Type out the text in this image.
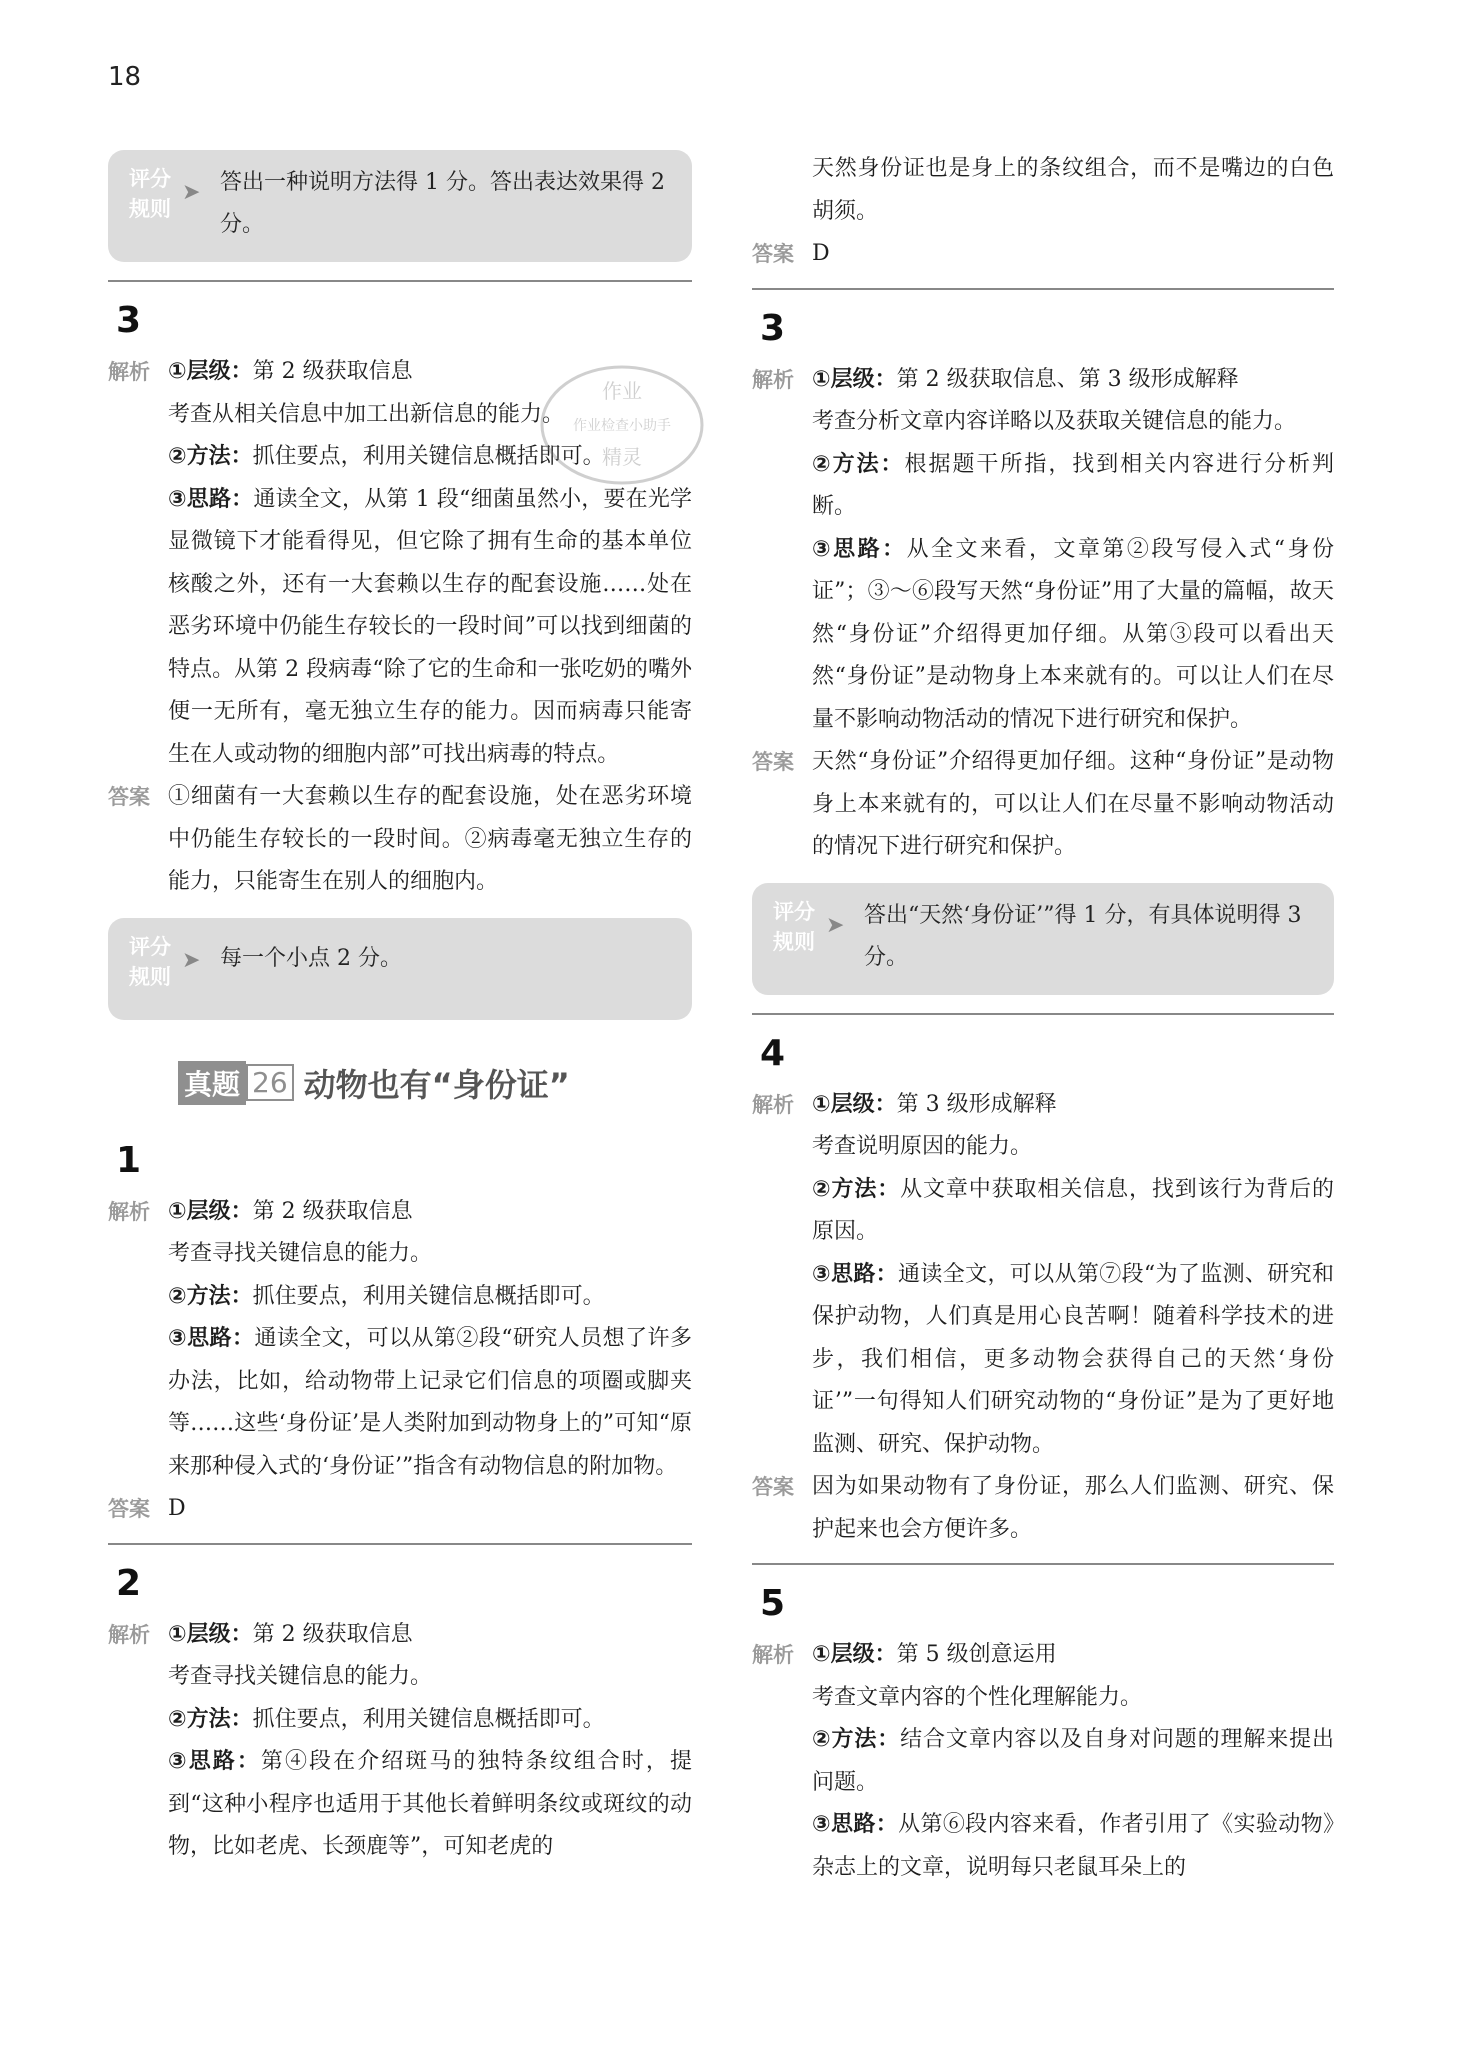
18
评分
规则
➤ 答出一种说明方法得 1 分。答出表达效果得 2分。
3
解析 ①层级：第 2 级获取信息

考查从相关信息中加工出新信息的能力。

②方法：抓住要点，利用关键信息概括即可。

③思路：通读全文，从第 1 段“细菌虽然小，要在光学显微镜下才能看得见，但它除了拥有生命的基本单位核酸之外，还有一大套赖以生存的配套设施……处在恶劣环境中仍能生存较长的一段时间”可以找到细菌的特点。从第 2 段病毒“除了它的生命和一张吃奶的嘴外便一无所有，毫无独立生存的能力。因而病毒只能寄生在人或动物的细胞内部”可找出病毒的特点。

答案 ①细菌有一大套赖以生存的配套设施，处在恶劣环境中仍能生存较长的一段时间。②病毒毫无独立生存的能力，只能寄生在别人的细胞内。
评分
规则
➤ 每一个小点 2 分。
真题 26 动物也有“身份证”
1
解析 ①层级：第 2 级获取信息

考查寻找关键信息的能力。

②方法：抓住要点，利用关键信息概括即可。

③思路：通读全文，可以从第②段“研究人员想了许多办法，比如，给动物带上记录它们信息的项圈或脚夹等……这些‘身份证’是人类附加到动物身上的”可知“原来那种侵入式的‘身份证’”指含有动物信息的附加物。

答案 D
2
解析 ①层级：第 2 级获取信息

考查寻找关键信息的能力。

②方法：抓住要点，利用关键信息概括即可。

③思路：第④段在介绍斑马的独特条纹组合时，提到“这种小程序也适用于其他长着鲜明条纹或斑纹的动物，比如老虎、长颈鹿等”，可知老虎的

作业
作业检查小助手
精灵
天然身份证也是身上的条纹组合，而不是嘴边的白色胡须。
答案 D
3
解析 ①层级：第 2 级获取信息、第 3 级形成解释

考查分析文章内容详略以及获取关键信息的能力。

②方法：根据题干所指，找到相关内容进行分析判断。

③思路：从全文来看，文章第②段写侵入式“身份证”；③～⑥段写天然“身份证”用了大量的篇幅，故天然“身份证”介绍得更加仔细。从第③段可以看出天然“身份证”是动物身上本来就有的。可以让人们在尽量不影响动物活动的情况下进行研究和保护。

答案 天然“身份证”介绍得更加仔细。这种“身份证”是动物身上本来就有的，可以让人们在尽量不影响动物活动的情况下进行研究和保护。
评分
规则
➤ 答出“天然‘身份证’”得 1 分，有具体说明得 3 分。
4
解析 ①层级：第 3 级形成解释

考查说明原因的能力。

②方法：从文章中获取相关信息，找到该行为背后的原因。

③思路：通读全文，可以从第⑦段“为了监测、研究和保护动物，人们真是用心良苦啊！随着科学技术的进步，我们相信，更多动物会获得自己的天然‘身份证’”一句得知人们研究动物的“身份证”是为了更好地监测、研究、保护动物。

答案 因为如果动物有了身份证，那么人们监测、研究、保护起来也会方便许多。
5
解析 ①层级：第 5 级创意运用

考查文章内容的个性化理解能力。

②方法：结合文章内容以及自身对问题的理解来提出问题。

③思路：从第⑥段内容来看，作者引用了《实验动物》杂志上的文章，说明每只老鼠耳朵上的
